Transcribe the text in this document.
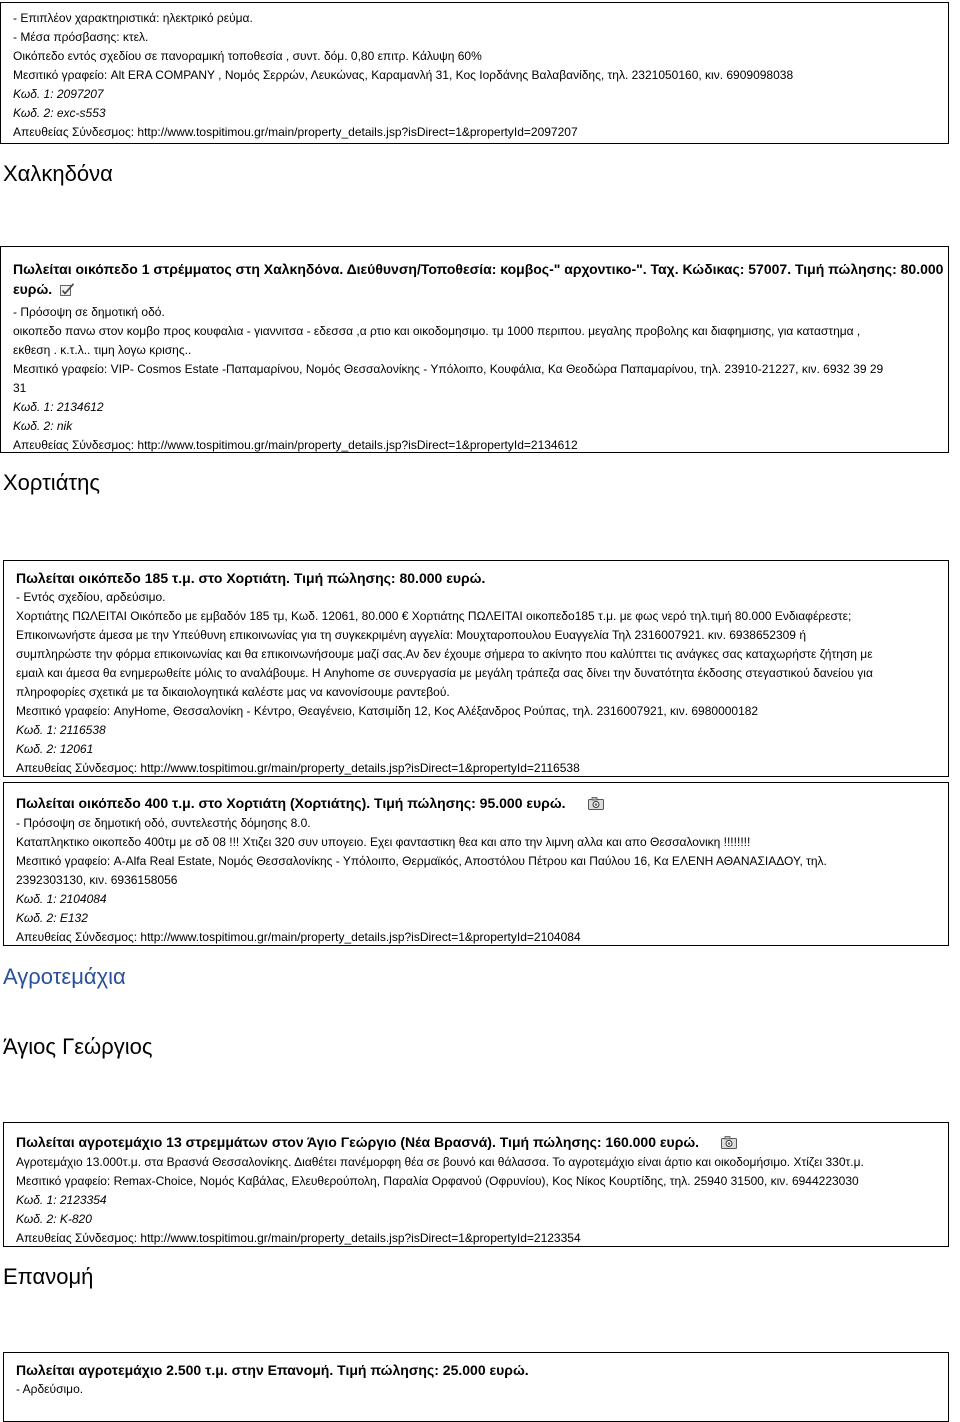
- Επιπλέον χαρακτηριστικά: ηλεκτρικό ρεύμα.
- Μέσα πρόσβασης: κτελ.
Οικόπεδο εντός σχεδίου σε πανοραμική τοποθεσία , συντ. δόμ. 0,80 επιτρ. Κάλυψη 60%
Μεσιτικό γραφείο: Alt ERA COMPANY , Νομός Σερρών, Λευκώνας, Καραμανλή 31, Κος Ιορδάνης Βαλαβανίδης, τηλ. 2321050160, κιν. 6909098038
Κωδ. 1: 2097207
Κωδ. 2: exc-s553
Απευθείας Σύνδεσμος: http://www.tospitimou.gr/main/property_details.jsp?isDirect=1&propertyId=2097207
Χαλκηδόνα
Πωλείται οικόπεδο 1 στρέμματος στη Χαλκηδόνα. Διεύθυνση/Τοποθεσία: κομβος-" αρχοντικο-". Ταχ. Κώδικας: 57007. Τιμή πώλησης: 80.000
ευρώ.
- Πρόσοψη σε δημοτική οδό.
οικοπεδο πανω στον κομβο προς κουφαλια - γιαννιτσα - εδεσσα ,α ρτιο και οικοδομησιμο. τμ 1000 περιπου. μεγαλης προβολης και διαφημισης, για καταστημα ,
εκθεση . κ.τ.λ.. τιμη λογω κρισης..
Μεσιτικό γραφείο: VIP- Cosmos Estate -Παπαμαρίνου, Νομός Θεσσαλονίκης - Υπόλοιπο, Κουφάλια, Κα Θεοδώρα Παπαμαρίνου, τηλ. 23910-21227, κιν. 6932 39 29
31
Κωδ. 1: 2134612
Κωδ. 2: nik
Απευθείας Σύνδεσμος: http://www.tospitimou.gr/main/property_details.jsp?isDirect=1&propertyId=2134612
Χορτιάτης
Πωλείται οικόπεδο 185 τ.μ. στο Χορτιάτη. Τιμή πώλησης: 80.000 ευρώ.
- Εντός σχεδίου, αρδεύσιμο.
Χορτιάτης ΠΩΛΕΙΤΑΙ Οικόπεδο με εμβαδόν 185 τμ, Κωδ. 12061, 80.000 € Χορτιάτης ΠΩΛΕΙΤΑΙ οικοπεδο185 τ.μ. με φως νερό τηλ.τιμή 80.000 Ενδιαφέρεστε;
Επικοινωνήστε άμεσα με την Υπεύθυνη επικοινωνίας για τη συγκεκριμένη αγγελία: Μουχταροπουλου Ευαγγελία Τηλ 2316007921. κιν. 6938652309 ή
συμπληρώστε την φόρμα επικοινωνίας και θα επικοινωνήσουμε μαζί σας.Αν δεν έχουμε σήμερα το ακίνητο που καλύπτει τις ανάγκες σας καταχωρήστε ζήτηση με
εμαιλ και άμεσα θα ενημερωθείτε μόλις το αναλάβουμε. Η Anyhome σε συνεργασία με μεγάλη τράπεζα σας δίνει την δυνατότητα έκδοσης στεγαστικού δανείου για
πληροφορίες σχετικά με τα δικαιολογητικά καλέστε μας να κανονίσουμε ραντεβού.
Μεσιτικό γραφείο: AnyHome, Θεσσαλονίκη - Κέντρο, Θεαγένειο, Κατσιμίδη 12, Κος Αλέξανδρος Ρούπας, τηλ. 2316007921, κιν. 6980000182
Κωδ. 1: 2116538
Κωδ. 2: 12061
Απευθείας Σύνδεσμος: http://www.tospitimou.gr/main/property_details.jsp?isDirect=1&propertyId=2116538
Πωλείται οικόπεδο 400 τ.μ. στο Χορτιάτη (Χορτιάτης). Τιμή πώλησης: 95.000 ευρώ.
- Πρόσοψη σε δημοτική οδό, συντελεστής δόμησης 8.0.
Καταπληκτικο οικοπεδο 400τμ με σδ 08 !!! Χτιζει 320 συν υπογειο. Εχει φανταστικη θεα και απο την λιμνη αλλα και απο Θεσσαλονικη !!!!!!!!
Μεσιτικό γραφείο: A-Alfa Real Estate, Νομός Θεσσαλονίκης - Υπόλοιπο, Θερμαϊκός, Αποστόλου Πέτρου και Παύλου 16, Κα ΕΛΕΝΗ ΑΘΑΝΑΣΙΑΔΟΥ, τηλ.
2392303130, κιν. 6936158056
Κωδ. 1: 2104084
Κωδ. 2: E132
Απευθείας Σύνδεσμος: http://www.tospitimou.gr/main/property_details.jsp?isDirect=1&propertyId=2104084
Αγροτεμάχια
Άγιος Γεώργιος
Πωλείται αγροτεμάχιο 13 στρεμμάτων στον Άγιο Γεώργιο (Νέα Βρασνά). Τιμή πώλησης: 160.000 ευρώ.
Αγροτεμάχιο 13.000τ.μ. στα Βρασνά Θεσσαλονίκης. Διαθέτει πανέμορφη θέα σε βουνό και θάλασσα. Το αγροτεμάχιο είναι άρτιο και οικοδομήσιμο. Χτίζει 330τ.μ.
Μεσιτικό γραφείο: Remax-Choice, Νομός Καβάλας, Ελευθερούπολη, Παραλία Ορφανού (Οφρυνίου), Κος Νίκος Κουρτίδης, τηλ. 25940 31500, κιν. 6944223030
Κωδ. 1: 2123354
Κωδ. 2: K-820
Απευθείας Σύνδεσμος: http://www.tospitimou.gr/main/property_details.jsp?isDirect=1&propertyId=2123354
Επανομή
Πωλείται αγροτεμάχιο 2.500 τ.μ. στην Επανομή. Τιμή πώλησης: 25.000 ευρώ.
- Αρδεύσιμο.
